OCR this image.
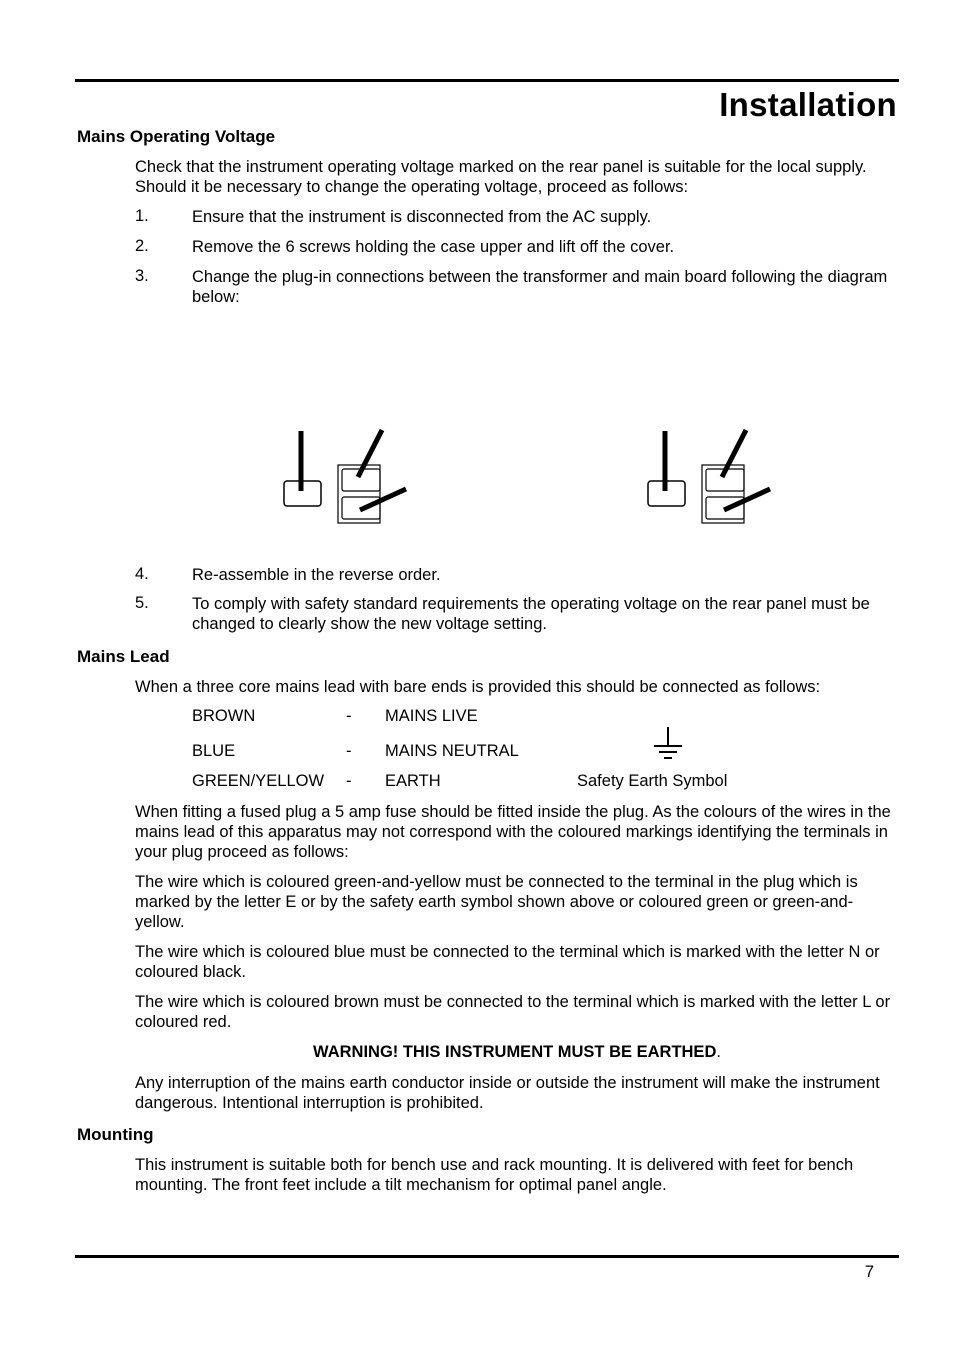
Installation
Mains Operating Voltage
Check that the instrument operating voltage marked on the rear panel is suitable for the local supply. Should it be necessary to change the operating voltage, proceed as follows:
1.	Ensure that the instrument is disconnected from the AC supply.
2.	Remove the 6 screws holding the case upper and lift off the cover.
3.	Change the plug-in connections between the transformer and main board following the diagram below:
4.	Re-assemble in the reverse order.
5.	To comply with safety standard requirements the operating voltage on the rear panel must be changed to clearly show the new voltage setting.
Mains Lead
When a three core mains lead with bare ends is provided this should be connected as follows:
BROWN	- MAINS LIVE
BLUE	- MAINS NEUTRAL
GREEN/YELLOW - EARTH	Safety Earth Symbol
When fitting a fused plug a 5 amp fuse should be fitted inside the plug. As the colours of the wires in the mains lead of this apparatus may not correspond with the coloured markings identifying the terminals in your plug proceed as follows:
The wire which is coloured green-and-yellow must be connected to the terminal in the plug which is marked by the letter E or by the safety earth symbol shown above or coloured green or green-and-yellow.
The wire which is coloured blue must be connected to the terminal which is marked with the letter N or coloured black.
The wire which is coloured brown must be connected to the terminal which is marked with the letter L or coloured red.
WARNING! THIS INSTRUMENT MUST BE EARTHED.
Any interruption of the mains earth conductor inside or outside the instrument will make the instrument dangerous. Intentional interruption is prohibited.
Mounting
This instrument is suitable both for bench use and rack mounting. It is delivered with feet for bench mounting. The front feet include a tilt mechanism for optimal panel angle.
7
